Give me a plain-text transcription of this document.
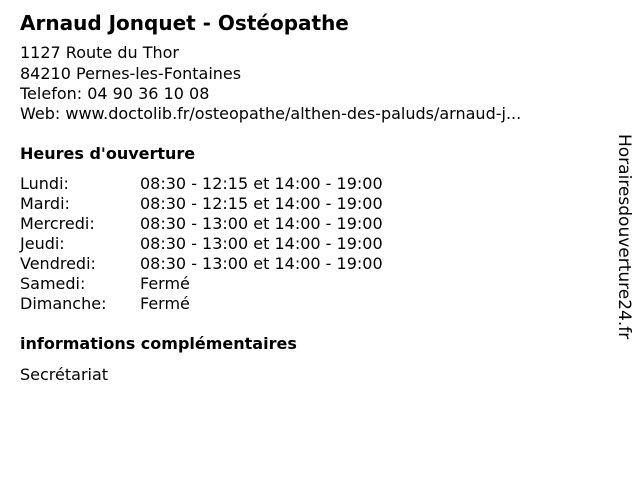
Arnaud Jonquet - Ostéopathe
1127 Route du Thor
84210 Pernes-les-Fontaines
Telefon: 04 90 36 10 08
Web: www.doctolib.fr/osteopathe/althen-des-paluds/arnaud-j...
Heures d'ouverture
Lundi:	08:30 - 12:15 et 14:00 - 19:00
Mardi:	08:30 - 12:15 et 14:00 - 19:00
Mercredi:	08:30 - 13:00 et 14:00 - 19:00
Jeudi:	08:30 - 13:00 et 14:00 - 19:00
Vendredi:	08:30 - 13:00 et 14:00 - 19:00
Samedi:	Fermé
Dimanche: Fermé
informations complémentaires
Secrétariat
Horairesdouverture24.fr
